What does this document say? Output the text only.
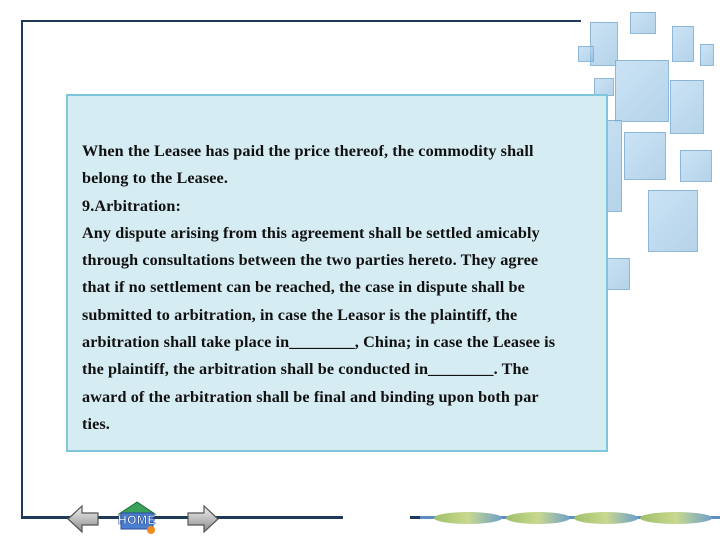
When the Leasee has paid the price thereof, the commodity shall

belong to the Leasee.

9.Arbitration:

Any dispute arising from this agreement shall be settled amicably

through consultations between the two parties hereto. They agree

that if no settlement can be reached, the case in dispute shall be

submitted to arbitration, in case the Leasor is the plaintiff, the

arbitration shall take place in________, China; in case the Leasee is

the plaintiff, the arbitration shall be conducted in________. The

award of the arbitration shall be final and binding upon both par

ties.

HOME
